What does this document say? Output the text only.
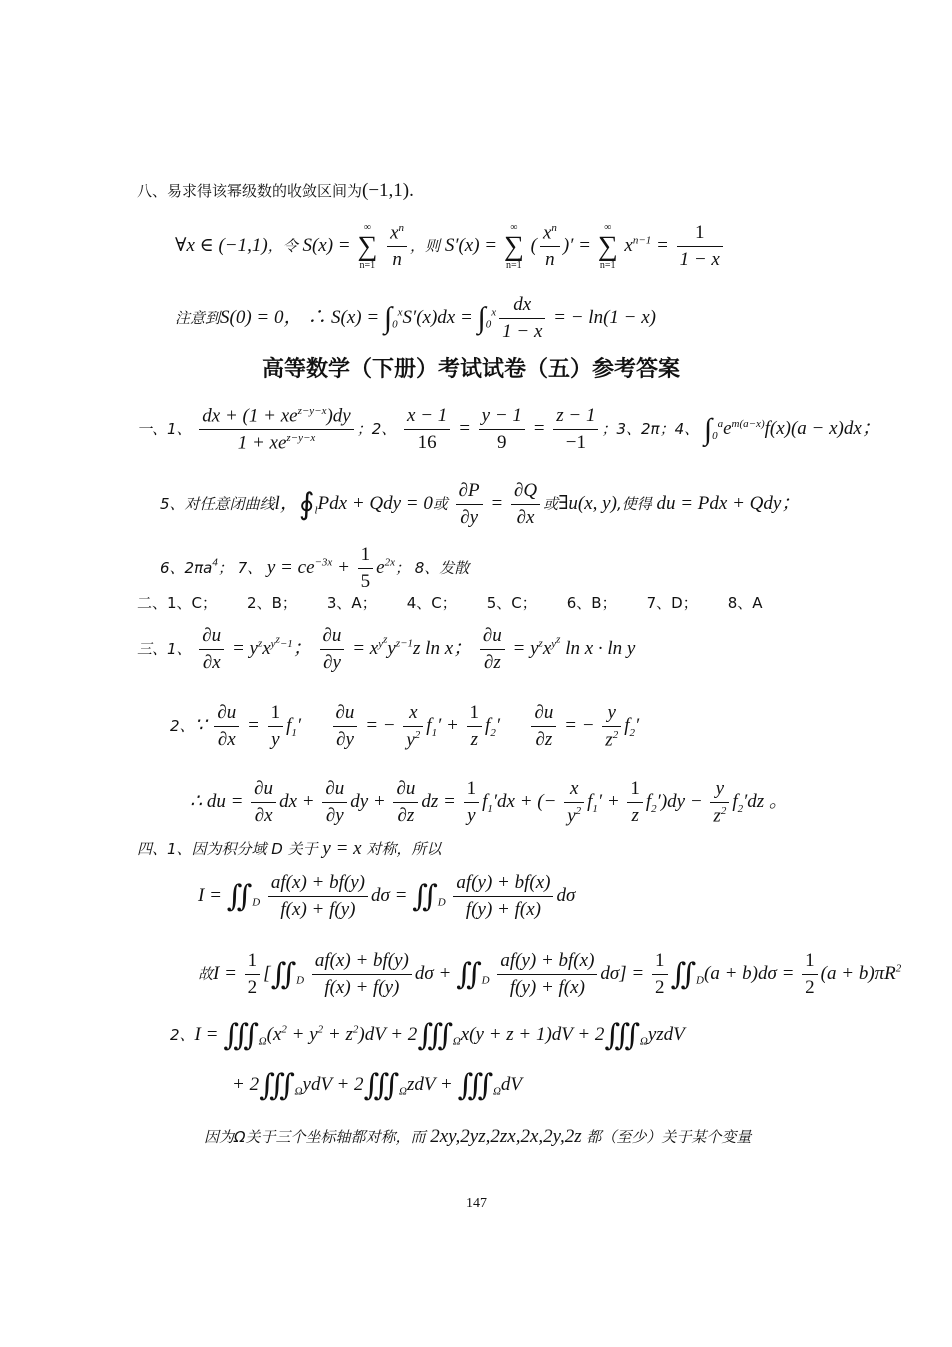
八、易求得该幂级数的收敛区间为(−1,1).
∀x ∈ (−1,1)，令 S(x) =
∞
∑
n=1
$\frac{x^n}{n}$ ，则 S′(x) =
∞
∑
n=1
( $\frac{x^n}{n}$ )′ =
∞
∑
n=1
$x^{n-1} = \frac{1}{1 - x}$
注意到S(0) = 0， ∴ $S(x) = \int_0^xS'(x)dx = \int_0^x \frac{dx}{1 - x}$ = − ln(1 − x)
高等数学（下册）考试试卷（五）参考答案
一、1、 $\frac{dx + (1 + xe^{z-y-x})dy}{1 + xe^{z-y-x}}$ ；2、 $\frac{x - 1}{16} = \frac{y - 1}{9} = \frac{z - 1}{-1}$ ；3、2π；4、 $\int_0^ae^{m(a-x)}f(x)(a - x)dx$；
5、对任意闭曲线l，$∮_lPdx$ + Qdy = 0或 $\frac{\partial P}{\partial y} = \frac{\partial Q}{\partial x}$ 或∃u(x, y),使得 du = Pdx + Qdy；
6、$2\pi a^4$； 7、 $y = ce^{-3x} + \frac{1}{5} e^{2x}$； 8、发散
二、1、C； 2、B； 3、A； 4、C； 5、C； 6、B； 7、D； 8、A
三、1、 $\frac{\partial u}{\partial x} = y^zx^{y^z-1}$； $\frac{\partial u}{\partial y} = x^{y^z}y^{z-1}z$ ln x； $\frac{\partial u}{\partial z} = y^zx^{y^z}$ ln x · ln y
2、∵ $\frac{\partial u}{\partial x} = \frac{1}{y} f_1' \frac{\partial u}{\partial y}$ = − $\frac{x}{y^2} f_1' + \frac{1}{z} f_2' \frac{\partial u}{\partial z}$ = − $\frac{y}{z^2} f_2'$
∴ du = $\frac{\partial u}{\partial x}$ dx + $\frac{\partial u}{\partial y}$ dy + $\frac{\partial u}{\partial z}$ dz = $\frac{1}{y} f_1'dx$ + (− $\frac{x}{y^2} f_1' + \frac{1}{z} f_2')dy - \frac{y}{z^2} f_2'dz$ 。
四、1、因为积分域 D 关于 y = x 对称，所以
$I = ∬_D \frac{af(x) + bf(y)}{f(x) + f(y)}$ $d\sigma = ∬_D \frac{af(y) + bf(x)}{f(y) + f(x)}$ dσ
故$I = \frac{1}{2}$ [$∬_D \frac{af(x) + bf(y)}{f(x) + f(y)}$ $d\sigma + ∬_D \frac{af(y) + bf(x)}{f(y) + f(x)} d\sigma] = \frac{1}{2}$ $∬_D(a + b)d\sigma = \frac{1}{2} (a + b)\pi R^2$
2、$I = ∭_\Omega(x^2 + y^2 + z^2)dV$ + $2∭_\Omega x(y + z + 1)dV$ + $2∭_\Omega yzdV$
+ $2∭_\Omega ydV$ + $2∭_\Omega zdV$ + $∭_\Omega dV$
因为Ω关于三个坐标轴都对称，而 2xy,2yz,2zx,2x,2y,2z 都（至少）关于某个变量
147
